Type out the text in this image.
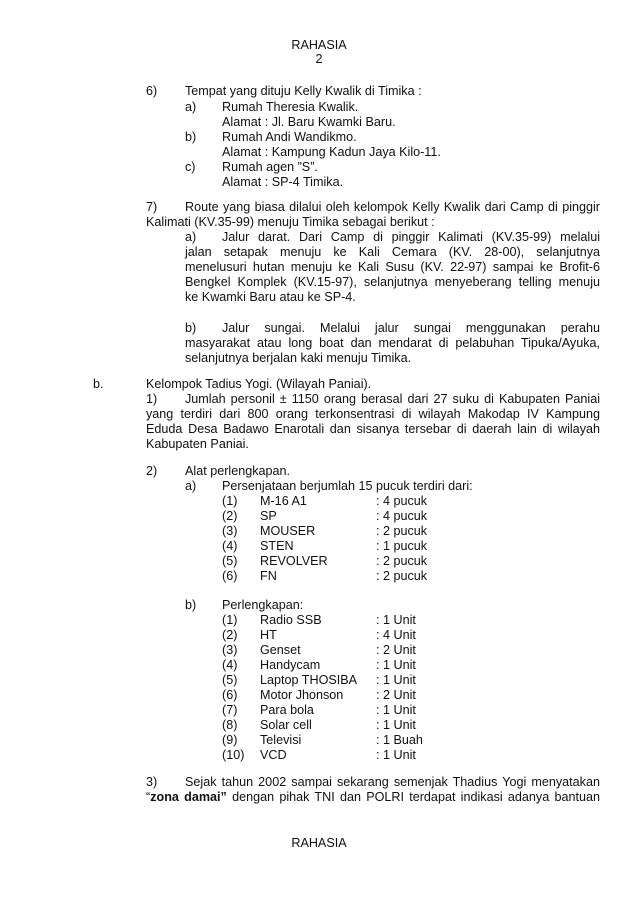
RAHASIA
2
6) Tempat yang dituju Kelly Kwalik di Timika :
a) Rumah Theresia Kwalik.
Alamat : Jl. Baru Kwamki Baru.
b) Rumah Andi Wandikmo.
Alamat : Kampung Kadun Jaya Kilo-11.
c) Rumah agen ”S”.
Alamat : SP-4 Timika.
7) Route yang biasa dilalui oleh kelompok Kelly Kwalik dari Camp di pinggir
Kalimati (KV.35-99) menuju Timika sebagai berikut :
a) Jalur darat. Dari Camp di pinggir Kalimati (KV.35-99) melalui
jalan setapak menuju ke Kali Cemara (KV. 28-00), selanjutnya
menelusuri hutan menuju ke Kali Susu (KV. 22-97) sampai ke Brofit-6
Bengkel Komplek (KV.15-97), selanjutnya menyeberang telling menuju
ke Kwamki Baru atau ke SP-4.
b) Jalur sungai. Melalui jalur sungai menggunakan perahu
masyarakat atau long boat dan mendarat di pelabuhan Tipuka/Ayuka,
selanjutnya berjalan kaki menuju Timika.
b.	Kelompok Tadius Yogi. (Wilayah Paniai).
1) Jumlah personil ± 1150 orang berasal dari 27 suku di Kabupaten Paniai
yang terdiri dari 800 orang terkonsentrasi di wilayah Makodap IV Kampung
Eduda Desa Badawo Enarotali dan sisanya tersebar di daerah lain di wilayah
Kabupaten Paniai.
2) Alat perlengkapan.
a) Persenjataan berjumlah 15 pucuk terdiri dari:
(1) M-16 A1	: 4 pucuk
(2) SP	: 4 pucuk
(3) MOUSER	: 2 pucuk
(4) STEN	: 1 pucuk
(5) REVOLVER	: 2 pucuk
(6) FN	: 2 pucuk
b) Perlengkapan:
(1) Radio SSB	: 1 Unit
(2) HT	: 4 Unit
(3) Genset	: 2 Unit
(4) Handycam	: 1 Unit
(5) Laptop THOSIBA : 1 Unit
(6) Motor Jhonson	: 2 Unit
(7) Para bola	: 1 Unit
(8) Solar cell	: 1 Unit
(9) Televisi	: 1 Buah
(10) VCD	: 1 Unit
3) Sejak tahun 2002 sampai sekarang semenjak Thadius Yogi menyatakan
“zona damai” dengan pihak TNI dan POLRI terdapat indikasi adanya bantuan
RAHASIA
